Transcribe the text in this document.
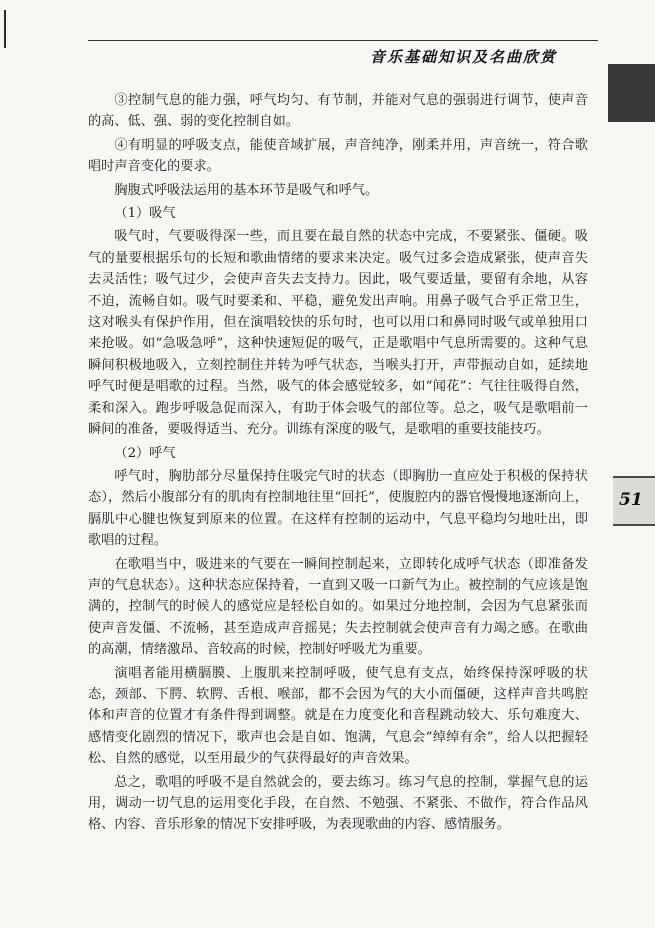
音乐基础知识及名曲欣赏
51

③控制气息的能力强，呼气均匀、有节制，并能对气息的强弱进行调节，使声音的高、低、强、弱的变化控制自如。

④有明显的呼吸支点，能使音域扩展，声音纯净，刚柔并用，声音统一，符合歌唱时声音变化的要求。

胸腹式呼吸法运用的基本环节是吸气和呼气。

（1）吸气

吸气时，气要吸得深一些，而且要在最自然的状态中完成，不要紧张、僵硬。吸气的量要根据乐句的长短和歌曲情绪的要求来决定。吸气过多会造成紧张，使声音失去灵活性；吸气过少，会使声音失去支持力。因此，吸气要适量，要留有余地，从容不迫，流畅自如。吸气时要柔和、平稳，避免发出声响。用鼻子吸气合乎正常卫生，这对喉头有保护作用，但在演唱较快的乐句时，也可以用口和鼻同时吸气或单独用口来抢吸。如“急吸急呼”，这种快速短促的吸气，正是歌唱中气息所需要的。这种气息瞬间积极地吸入，立刻控制住并转为呼气状态，当喉头打开，声带振动自如，延续地呼气时便是唱歌的过程。当然，吸气的体会感觉较多，如“闻花”：气往往吸得自然，柔和深入。跑步呼吸急促而深入，有助于体会吸气的部位等。总之，吸气是歌唱前一瞬间的准备，要吸得适当、充分。训练有深度的吸气，是歌唱的重要技能技巧。

（2）呼气

呼气时，胸肋部分尽量保持住吸完气时的状态（即胸肋一直应处于积极的保持状态），然后小腹部分有的肌肉有控制地往里“回托”，使腹腔内的器官慢慢地逐渐向上，膈肌中心腱也恢复到原来的位置。在这样有控制的运动中，气息平稳均匀地吐出，即歌唱的过程。

在歌唱当中，吸进来的气要在一瞬间控制起来，立即转化成呼气状态（即准备发声的气息状态）。这种状态应保持着，一直到又吸一口新气为止。被控制的气应该是饱满的，控制气的时候人的感觉应是轻松自如的。如果过分地控制，会因为气息紧张而使声音发僵、不流畅，甚至造成声音摇晃；失去控制就会使声音有力竭之感。在歌曲的高潮，情绪激昂、音较高的时候，控制好呼吸尤为重要。

演唱者能用横膈膜、上腹肌来控制呼吸，使气息有支点，始终保持深呼吸的状态，颈部、下腭、软腭、舌根、喉部，都不会因为气的大小而僵硬，这样声音共鸣腔体和声音的位置才有条件得到调整。就是在力度变化和音程跳动较大、乐句难度大、感情变化剧烈的情况下，歌声也会是自如、饱满，气息会“绰绰有余”，给人以把握轻松、自然的感觉，以至用最少的气获得最好的声音效果。

总之，歌唱的呼吸不是自然就会的，要去练习。练习气息的控制，掌握气息的运用，调动一切气息的运用变化手段，在自然、不勉强、不紧张、不做作，符合作品风格、内容、音乐形象的情况下安排呼吸，为表现歌曲的内容、感情服务。
